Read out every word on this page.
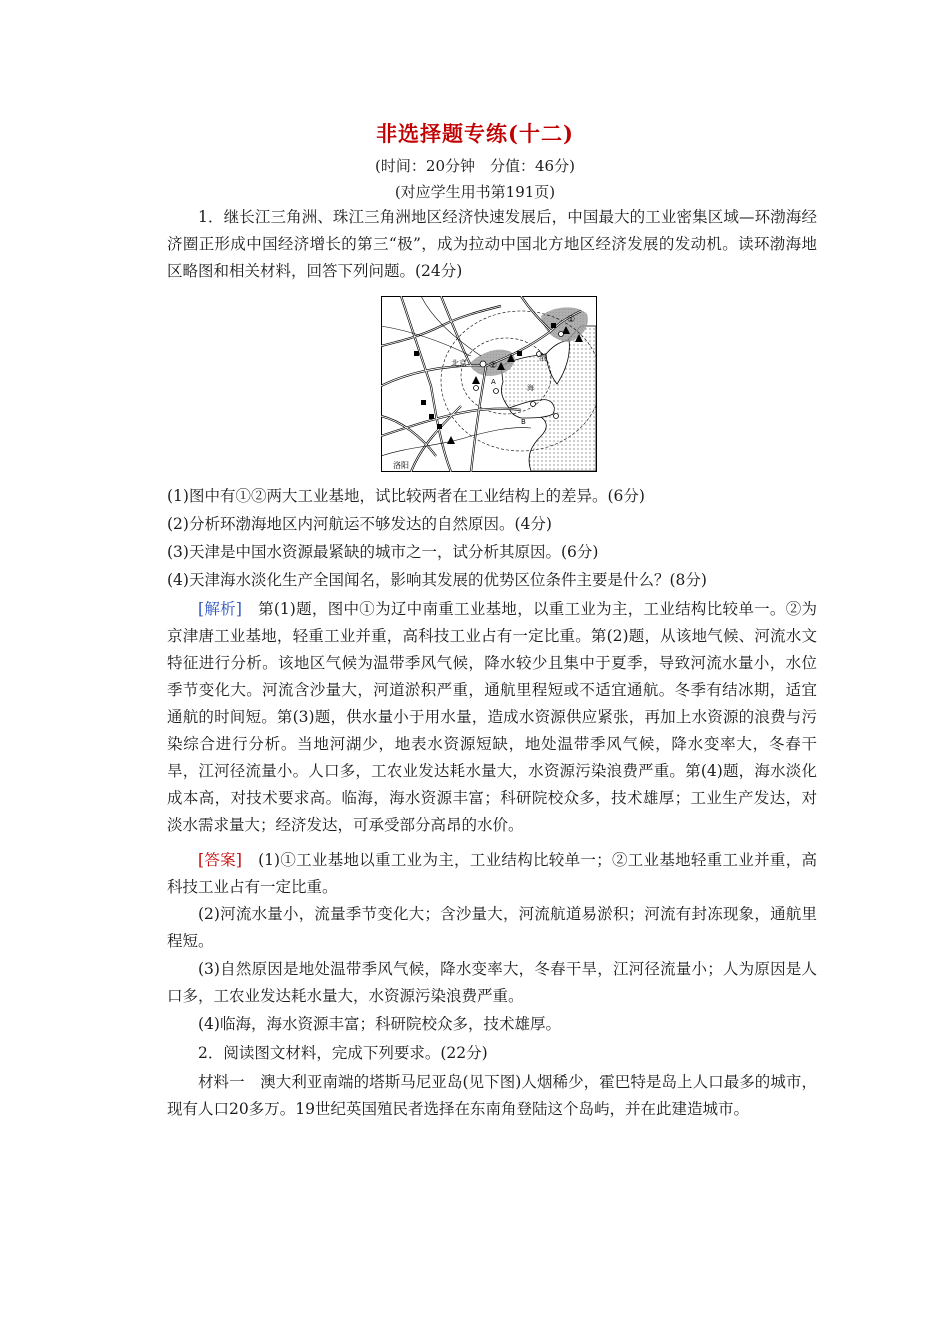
非选择题专练(十二)
(时间：20分钟　分值：46分)
(对应学生用书第191页)

1．继长江三角洲、珠江三角洲地区经济快速发展后，中国最大的工业密集区域—环渤海经济圈正形成中国经济增长的第三“极”，成为拉动中国北方地区经济发展的发动机。读环渤海地区略图和相关材料，回答下列问题。(24分)

北京
渤
海
洛阳
A
B
①
②
(1)图中有①②两大工业基地，试比较两者在工业结构上的差异。(6分)
(2)分析环渤海地区内河航运不够发达的自然原因。(4分)
(3)天津是中国水资源最紧缺的城市之一，试分析其原因。(6分)
(4)天津海水淡化生产全国闻名，影响其发展的优势区位条件主要是什么？(8分)

[解析]　第(1)题，图中①为辽中南重工业基地，以重工业为主，工业结构比较单一。②为京津唐工业基地，轻重工业并重，高科技工业占有一定比重。第(2)题，从该地气候、河流水文特征进行分析。该地区气候为温带季风气候，降水较少且集中于夏季，导致河流水量小，水位季节变化大。河流含沙量大，河道淤积严重，通航里程短或不适宜通航。冬季有结冰期，适宜通航的时间短。第(3)题，供水量小于用水量，造成水资源供应紧张，再加上水资源的浪费与污染综合进行分析。当地河湖少，地表水资源短缺，地处温带季风气候，降水变率大，冬春干旱，江河径流量小。人口多，工农业发达耗水量大，水资源污染浪费严重。第(4)题，海水淡化成本高，对技术要求高。临海，海水资源丰富；科研院校众多，技术雄厚；工业生产发达，对淡水需求量大；经济发达，可承受部分高昂的水价。

[答案]　(1)①工业基地以重工业为主，工业结构比较单一；②工业基地轻重工业并重，高科技工业占有一定比重。

(2)河流水量小，流量季节变化大；含沙量大，河流航道易淤积；河流有封冻现象，通航里程短。

(3)自然原因是地处温带季风气候，降水变率大，冬春干旱，江河径流量小；人为原因是人口多，工农业发达耗水量大，水资源污染浪费严重。

(4)临海，海水资源丰富；科研院校众多，技术雄厚。
2．阅读图文材料，完成下列要求。(22分)

材料一　澳大利亚南端的塔斯马尼亚岛(见下图)人烟稀少，霍巴特是岛上人口最多的城市，现有人口20多万。19世纪英国殖民者选择在东南角登陆这个岛屿，并在此建造城市。
